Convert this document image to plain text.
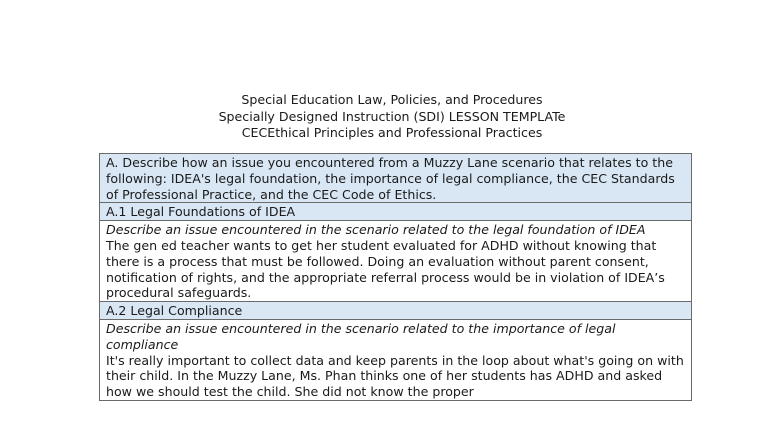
Special Education Law, Policies, and Procedures
Specially Designed Instruction (SDI) LESSON TEMPLATe
CECEthical Principles and Professional Practices
A. Describe how an issue you encountered from a Muzzy Lane scenario that relates to the following: IDEA's legal foundation, the importance of legal compliance, the CEC Standards of Professional Practice, and the CEC Code of Ethics.
A.1 Legal Foundations of IDEA

Describe an issue encountered in the scenario related to the legal foundation of IDEA
The gen ed teacher wants to get her student evaluated for ADHD without knowing that there is a process that must be followed. Doing an evaluation without parent consent, notification of rights, and the appropriate referral process would be in violation of IDEA’s procedural safeguards.

A.2 Legal Compliance

Describe an issue encountered in the scenario related to the importance of legal compliance
It's really important to collect data and keep parents in the loop about what's going on with their child. In the Muzzy Lane, Ms. Phan thinks one of her students has ADHD and asked how we should test the child. She did not know the proper
